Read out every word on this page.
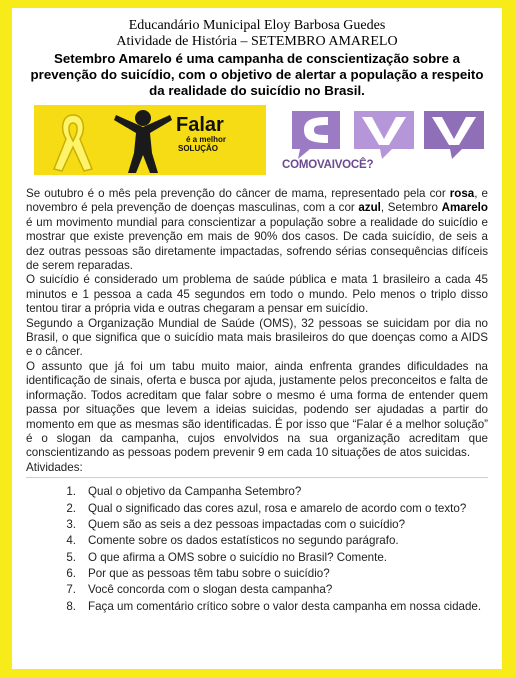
Educandário Municipal Eloy Barbosa Guedes
Atividade de História – SETEMBRO AMARELO
Setembro Amarelo é uma campanha de conscientização sobre a prevenção do suicídio, com o objetivo de alertar a população a respeito da realidade do suicídio no Brasil.
Falar
é a melhor
SOLUÇÃO
COMOVAIVOCÊ?

Se outubro é o mês pela prevenção do câncer de mama, representado pela cor rosa, e novembro é pela prevenção de doenças masculinas, com a cor azul, Setembro Amarelo é um movimento mundial para conscientizar a população sobre a realidade do suicídio e mostrar que existe prevenção em mais de 90% dos casos. De cada suicídio, de seis a dez outras pessoas são diretamente impactadas, sofrendo sérias consequências difíceis de serem reparadas.

O suicídio é considerado um problema de saúde pública e mata 1 brasileiro a cada 45 minutos e 1 pessoa a cada 45 segundos em todo o mundo. Pelo menos o triplo disso tentou tirar a própria vida e outras chegaram a pensar em suicídio.

Segundo a Organização Mundial de Saúde (OMS), 32 pessoas se suicidam por dia no Brasil, o que significa que o suicídio mata mais brasileiros do que doenças como a AIDS e o câncer.

O assunto que já foi um tabu muito maior, ainda enfrenta grandes dificuldades na identificação de sinais, oferta e busca por ajuda, justamente pelos preconceitos e falta de informação. Todos acreditam que falar sobre o mesmo é uma forma de entender quem passa por situações que levem a ideias suicidas, podendo ser ajudadas a partir do momento em que as mesmas são identificadas. É por isso que “Falar é a melhor solução” é o slogan da campanha, cujos envolvidos na sua organização acreditam que conscientizando as pessoas podem prevenir 9 em cada 10 situações de atos suicidas.

Atividades:
1.	Qual o objetivo da Campanha Setembro?
2.	Qual o significado das cores azul, rosa e amarelo de acordo com o texto?
3.	Quem são as seis a dez pessoas impactadas com o suicídio?
4.	Comente sobre os dados estatísticos no segundo parágrafo.
5.	O que afirma a OMS sobre o suicídio no Brasil? Comente.
6.	Por que as pessoas têm tabu sobre o suicídio?
7.	Você concorda com o slogan desta campanha?
8.	Faça um comentário crítico sobre o valor desta campanha em nossa cidade.
